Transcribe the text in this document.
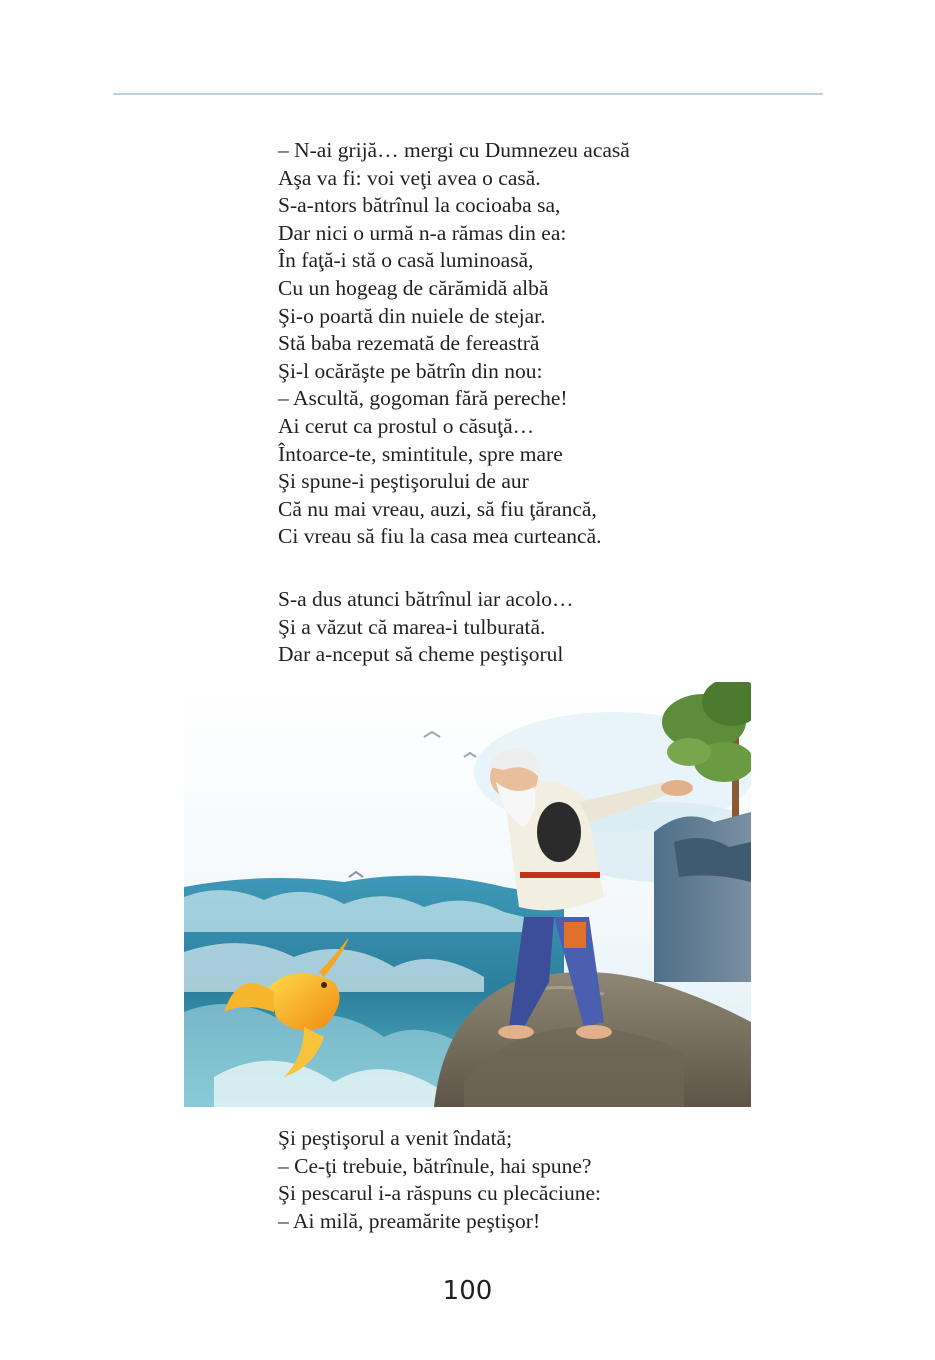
– N-ai grijă… mergi cu Dumnezeu acasă
Aşa va fi: voi veţi avea o casă.
S-a-ntors bătrînul la cocioaba sa,
Dar nici o urmă n-a rămas din ea:
În faţă-i stă o casă luminoasă,
Cu un hogeag de cărămidă albă
Şi-o poartă din nuiele de stejar.
Stă baba rezemată de fereastră
Şi-l ocărăşte pe bătrîn din nou:
– Ascultă, gogoman fără pereche!
Ai cerut ca prostul o căsuţă…
Întoarce-te, smintitule, spre mare
Şi spune-i peştişorului de aur
Că nu mai vreau, auzi, să fiu ţărancă,
Ci vreau să fiu la casa mea curteancă.
S-a dus atunci bătrînul iar acolo…
Şi a văzut că marea-i tulburată.
Dar a-nceput să cheme peştişorul
Şi peştişorul a venit îndată;
– Ce-ţi trebuie, bătrînule, hai spune?
Şi pescarul i-a răspuns cu plecăciune:
– Ai milă, preamărite peştişor!
100
